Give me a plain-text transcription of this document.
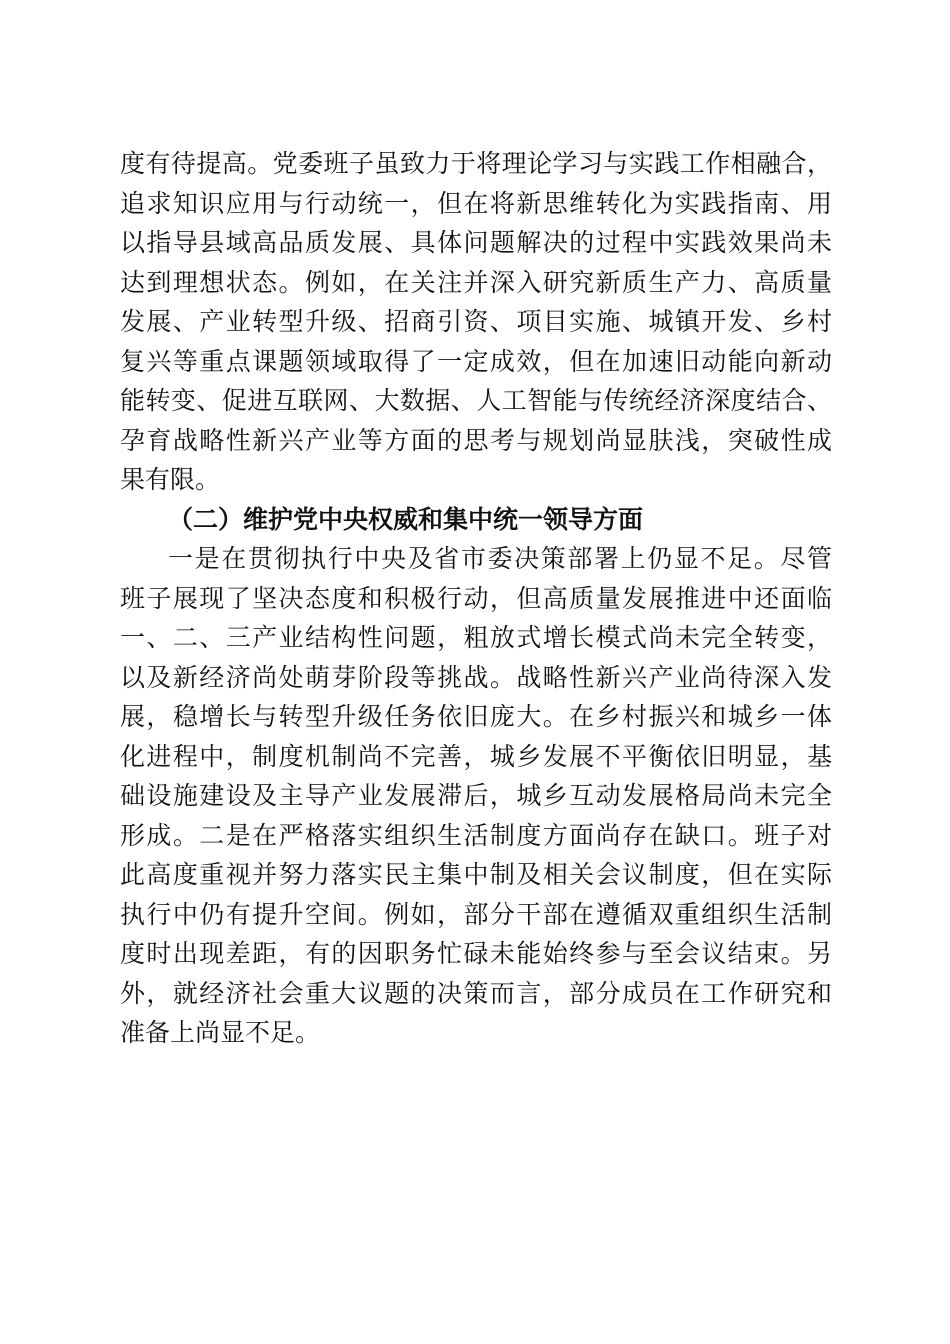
度有待提高。党委班子虽致力于将理论学习与实践工作相融合，
追求知识应用与行动统一，但在将新思维转化为实践指南、用
以指导县域高品质发展、具体问题解决的过程中实践效果尚未
达到理想状态。例如，在关注并深入研究新质生产力、高质量
发展、产业转型升级、招商引资、项目实施、城镇开发、乡村
复兴等重点课题领域取得了一定成效，但在加速旧动能向新动
能转变、促进互联网、大数据、人工智能与传统经济深度结合、
孕育战略性新兴产业等方面的思考与规划尚显肤浅，突破性成
果有限。
（二）维护党中央权威和集中统一领导方面
一是在贯彻执行中央及省市委决策部署上仍显不足。尽管
班子展现了坚决态度和积极行动，但高质量发展推进中还面临
一、二、三产业结构性问题，粗放式增长模式尚未完全转变，
以及新经济尚处萌芽阶段等挑战。战略性新兴产业尚待深入发
展，稳增长与转型升级任务依旧庞大。在乡村振兴和城乡一体
化进程中，制度机制尚不完善，城乡发展不平衡依旧明显，基
础设施建设及主导产业发展滞后，城乡互动发展格局尚未完全
形成。二是在严格落实组织生活制度方面尚存在缺口。班子对
此高度重视并努力落实民主集中制及相关会议制度，但在实际
执行中仍有提升空间。例如，部分干部在遵循双重组织生活制
度时出现差距，有的因职务忙碌未能始终参与至会议结束。另
外，就经济社会重大议题的决策而言，部分成员在工作研究和
准备上尚显不足。
